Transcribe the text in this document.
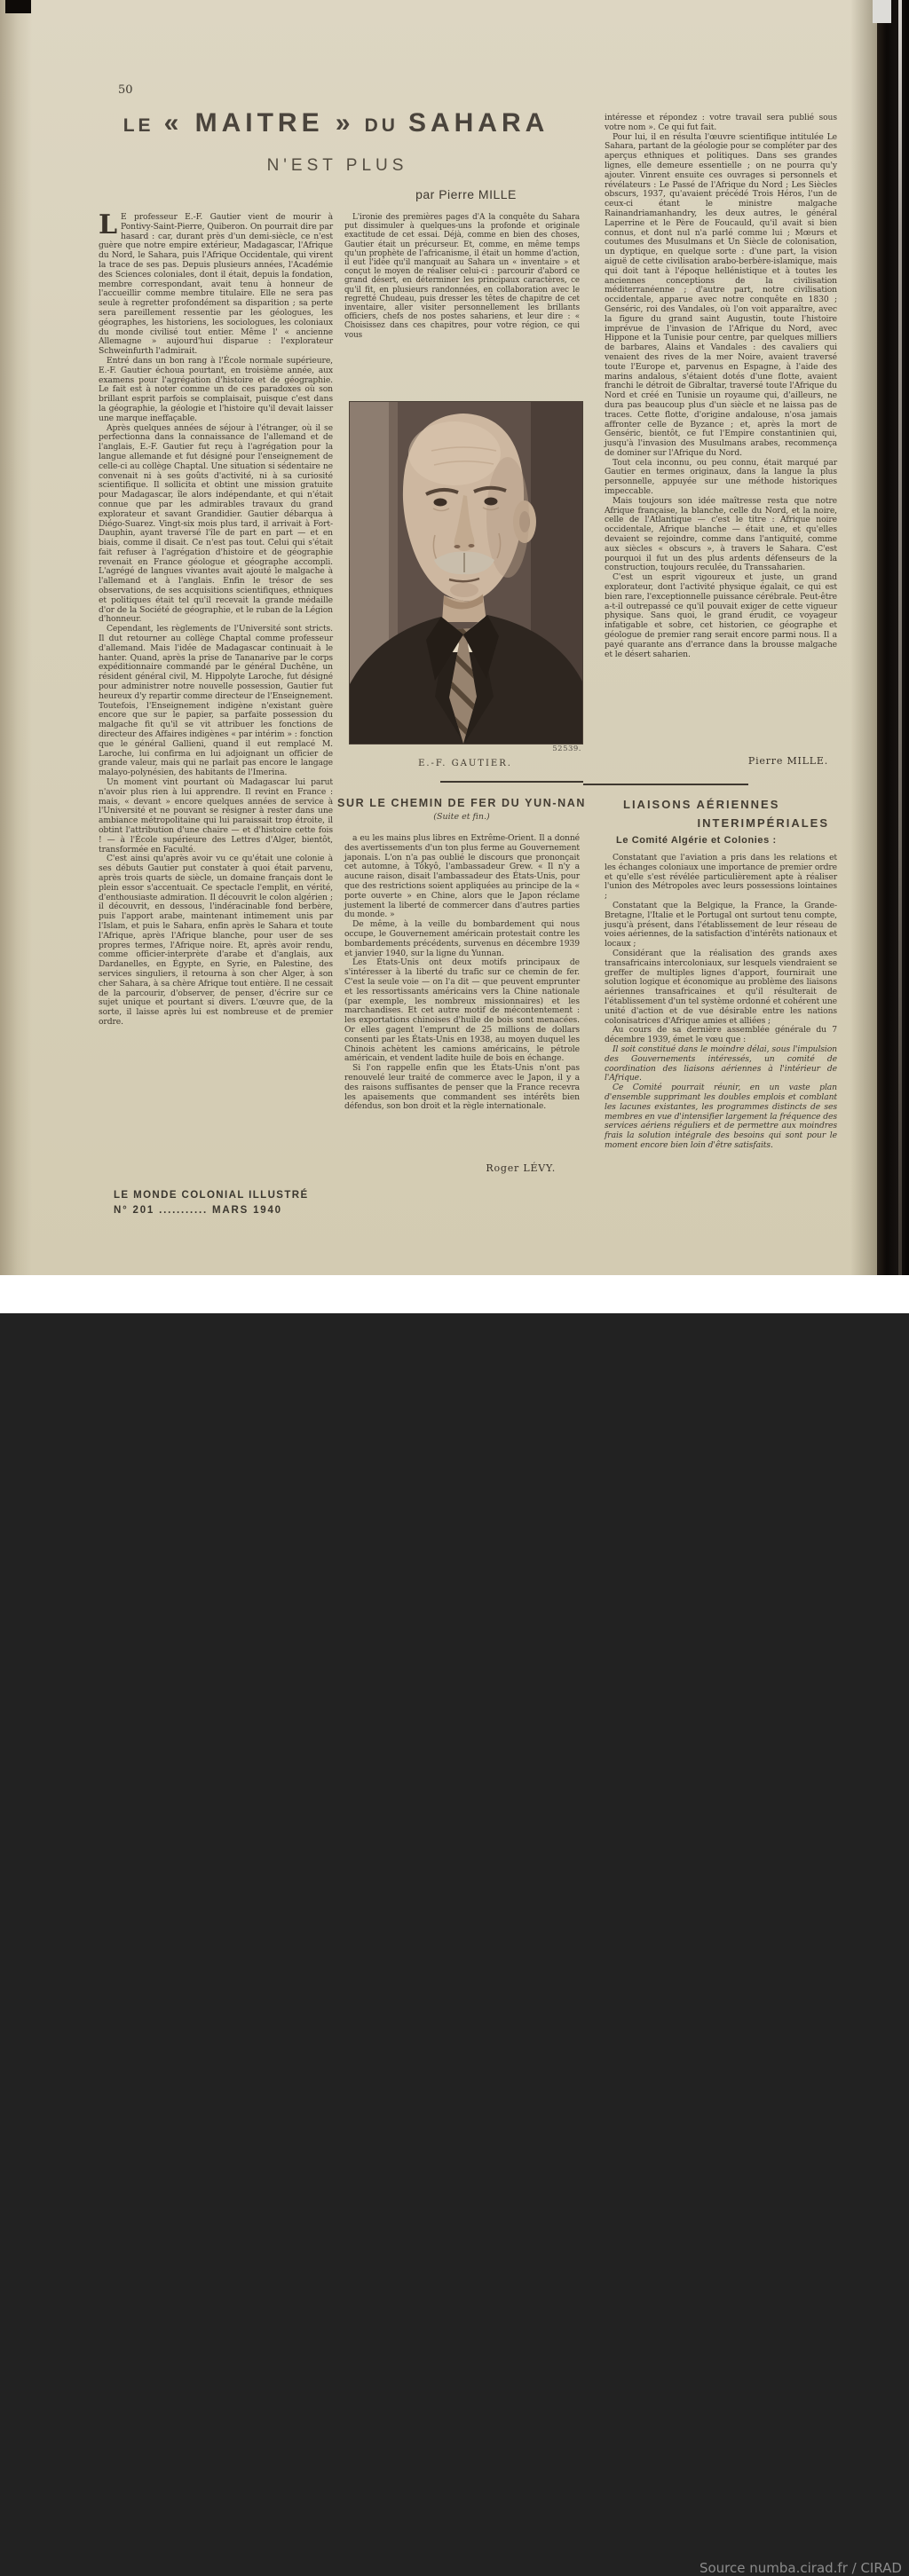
50
LE « MAITRE » DU SAHARA
N'EST PLUS
par Pierre MILLE

L E professeur E.-F. Gautier vient de mourir à Pontivy-Saint-Pierre, Quiberon. On pourrait dire par hasard : car, durant près d'un demi-siècle, ce n'est guère que notre empire extérieur, Madagascar, l'Afrique du Nord, le Sahara, puis l'Afrique Occidentale, qui virent la trace de ses pas. Depuis plusieurs années, l'Académie des Sciences coloniales, dont il était, depuis la fondation, membre correspondant, avait tenu à honneur de l'accueillir comme membre titulaire. Elle ne sera pas seule à regretter profondément sa disparition ; sa perte sera pareillement ressentie par les géologues, les géographes, les historiens, les sociologues, les coloniaux du monde civilisé tout entier. Même l' « ancienne Allemagne » aujourd'hui disparue : l'explorateur Schweinfurth l'admirait.

Entré dans un bon rang à l'École normale supérieure, E.-F. Gautier échoua pourtant, en troisième année, aux examens pour l'agrégation d'histoire et de géographie. Le fait est à noter comme un de ces paradoxes où son brillant esprit parfois se complaisait, puisque c'est dans la géographie, la géologie et l'histoire qu'il devait laisser une marque ineffaçable.

Après quelques années de séjour à l'étranger, où il se perfectionna dans la connaissance de l'allemand et de l'anglais, E.-F. Gautier fut reçu à l'agrégation pour la langue allemande et fut désigné pour l'enseignement de celle-ci au collège Chaptal. Une situation si sédentaire ne convenait ni à ses goûts d'activité, ni à sa curiosité scientifique. Il sollicita et obtint une mission gratuite pour Madagascar, île alors indépendante, et qui n'était connue que par les admirables travaux du grand explorateur et savant Grandidier. Gautier débarqua à Diégo-Suarez. Vingt-six mois plus tard, il arrivait à Fort-Dauphin, ayant traversé l'île de part en part — et en biais, comme il disait. Ce n'est pas tout. Celui qui s'était fait refuser à l'agrégation d'histoire et de géographie revenait en France géologue et géographe accompli. L'agrégé de langues vivantes avait ajouté le malgache à l'allemand et à l'anglais. Enfin le trésor de ses observations, de ses acquisitions scientifiques, ethniques et politiques était tel qu'il recevait la grande médaille d'or de la Société de géographie, et le ruban de la Légion d'honneur.

Cependant, les règlements de l'Université sont stricts. Il dut retourner au collège Chaptal comme professeur d'allemand. Mais l'idée de Madagascar continuait à le hanter. Quand, après la prise de Tananarive par le corps expéditionnaire commandé par le général Duchêne, un résident général civil, M. Hippolyte Laroche, fut désigné pour administrer notre nouvelle possession, Gautier fut heureux d'y repartir comme directeur de l'Enseignement. Toutefois, l'Enseignement indigène n'existant guère encore que sur le papier, sa parfaite possession du malgache fit qu'il se vit attribuer les fonctions de directeur des Affaires indigènes « par intérim » : fonction que le général Gallieni, quand il eut remplacé M. Laroche, lui confirma en lui adjoignant un officier de grande valeur, mais qui ne parlait pas encore le langage malayo-polynésien, des habitants de l'Imerina.

Un moment vint pourtant où Madagascar lui parut n'avoir plus rien à lui apprendre. Il revint en France : mais, « devant » encore quelques années de service à l'Université et ne pouvant se résigner à rester dans une ambiance métropolitaine qui lui paraissait trop étroite, il obtint l'attribution d'une chaire — et d'histoire cette fois ! — à l'École supérieure des Lettres d'Alger, bientôt, transformée en Faculté.

C'est ainsi qu'après avoir vu ce qu'était une colonie à ses débuts Gautier put constater à quoi était parvenu, après trois quarts de siècle, un domaine français dont le plein essor s'accentuait. Ce spectacle l'emplit, en vérité, d'enthousiaste admiration. Il découvrit le colon algérien ; il découvrit, en dessous, l'indéracinable fond berbère, puis l'apport arabe, maintenant intimement unis par l'Islam, et puis le Sahara, enfin après le Sahara et toute l'Afrique, après l'Afrique blanche, pour user de ses propres termes, l'Afrique noire. Et, après avoir rendu, comme officier-interprète d'arabe et d'anglais, aux Dardanelles, en Égypte, en Syrie, en Palestine, des services singuliers, il retourna à son cher Alger, à son cher Sahara, à sa chère Afrique tout entière. Il ne cessait de la parcourir, d'observer, de penser, d'écrire sur ce sujet unique et pourtant si divers. L'œuvre que, de la sorte, il laisse après lui est nombreuse et de premier ordre.

L'ironie des premières pages d'A la conquête du Sahara put dissimuler à quelques-uns la profonde et originale exactitude de cet essai. Déjà, comme en bien des choses, Gautier était un précurseur. Et, comme, en même temps qu'un prophète de l'africanisme, il était un homme d'action, il eut l'idée qu'il manquait au Sahara un « inventaire » et conçut le moyen de réaliser celui-ci : parcourir d'abord ce grand désert, en déterminer les principaux caractères, ce qu'il fit, en plusieurs randonnées, en collaboration avec le regretté Chudeau, puis dresser les têtes de chapitre de cet inventaire, aller visiter personnellement les brillants officiers, chefs de nos postes sahariens, et leur dire : « Choisissez dans ces chapitres, pour votre région, ce qui vous

52539.
E.-F. GAUTIER.
SUR LE CHEMIN DE FER DU YUN-NAN
(Suite et fin.)

a eu les mains plus libres en Extrême-Orient. Il a donné des avertissements d'un ton plus ferme au Gouvernement japonais. L'on n'a pas oublié le discours que prononçait cet automne, à Tôkyô, l'ambassadeur Grew. « Il n'y a aucune raison, disait l'ambassadeur des États-Unis, pour que des restrictions soient appliquées au principe de la « porte ouverte » en Chine, alors que le Japon réclame justement la liberté de commercer dans d'autres parties du monde. »

De même, à la veille du bombardement qui nous occupe, le Gouvernement américain protestait contre les bombardements précédents, survenus en décembre 1939 et janvier 1940, sur la ligne du Yunnan.

Les États-Unis ont deux motifs principaux de s'intéresser à la liberté du trafic sur ce chemin de fer. C'est la seule voie — on l'a dit — que peuvent emprunter et les ressortissants américains vers la Chine nationale (par exemple, les nombreux missionnaires) et les marchandises. Et cet autre motif de mécontentement : les exportations chinoises d'huile de bois sont menacées. Or elles gagent l'emprunt de 25 millions de dollars consenti par les États-Unis en 1938, au moyen duquel les Chinois achètent les camions américains, le pétrole américain, et vendent ladite huile de bois en échange.

Si l'on rappelle enfin que les États-Unis n'ont pas renouvelé leur traité de commerce avec le Japon, il y a des raisons suffisantes de penser que la France recevra les apaisements que commandent ses intérêts bien défendus, son bon droit et la règle internationale.

Roger LÉVY.

intéresse et répondez : votre travail sera publié sous votre nom ». Ce qui fut fait.

Pour lui, il en résulta l'œuvre scientifique intitulée Le Sahara, partant de la géologie pour se compléter par des aperçus ethniques et politiques. Dans ses grandes lignes, elle demeure essentielle ; on ne pourra qu'y ajouter. Vinrent ensuite ces ouvrages si personnels et révélateurs : Le Passé de l'Afrique du Nord ; Les Siècles obscurs, 1937, qu'avaient précédé Trois Héros, l'un de ceux-ci étant le ministre malgache Rainandriamanhandry, les deux autres, le général Laperrine et le Père de Foucauld, qu'il avait si bien connus, et dont nul n'a parlé comme lui ; Mœurs et coutumes des Musulmans et Un Siècle de colonisation, un dyptique, en quelque sorte : d'une part, la vision aiguë de cette civilisation arabo-berbère-islamique, mais qui doit tant à l'époque hellénistique et à toutes les anciennes conceptions de la civilisation méditerranéenne ; d'autre part, notre civilisation occidentale, apparue avec notre conquête en 1830 ; Genséric, roi des Vandales, où l'on voit apparaître, avec la figure du grand saint Augustin, toute l'histoire imprévue de l'invasion de l'Afrique du Nord, avec Hippone et la Tunisie pour centre, par quelques milliers de barbares, Alains et Vandales : des cavaliers qui venaient des rives de la mer Noire, avaient traversé toute l'Europe et, parvenus en Espagne, à l'aide des marins andalous, s'étaient dotés d'une flotte, avaient franchi le détroit de Gibraltar, traversé toute l'Afrique du Nord et créé en Tunisie un royaume qui, d'ailleurs, ne dura pas beaucoup plus d'un siècle et ne laissa pas de traces. Cette flotte, d'origine andalouse, n'osa jamais affronter celle de Byzance ; et, après la mort de Genséric, bientôt, ce fut l'Empire constantinien qui, jusqu'à l'invasion des Musulmans arabes, recommença de dominer sur l'Afrique du Nord.

Tout cela inconnu, ou peu connu, était marqué par Gautier en termes originaux, dans la langue la plus personnelle, appuyée sur une méthode historiques impeccable.

Mais toujours son idée maîtresse resta que notre Afrique française, la blanche, celle du Nord, et la noire, celle de l'Atlantique — c'est le titre : Afrique noire occidentale, Afrique blanche — était une, et qu'elles devaient se rejoindre, comme dans l'antiquité, comme aux siècles « obscurs », à travers le Sahara. C'est pourquoi il fut un des plus ardents défenseurs de la construction, toujours reculée, du Transsaharien.

C'est un esprit vigoureux et juste, un grand explorateur, dont l'activité physique égalait, ce qui est bien rare, l'exceptionnelle puissance cérébrale. Peut-être a-t-il outrepassé ce qu'il pouvait exiger de cette vigueur physique. Sans quoi, le grand érudit, ce voyageur infatigable et sobre, cet historien, ce géographe et géologue de premier rang serait encore parmi nous. Il a payé quarante ans d'errance dans la brousse malgache et le désert saharien.

Pierre MILLE.
LIAISONS AÉRIENNES
INTERIMPÉRIALES
Le Comité Algérie et Colonies :

Constatant que l'aviation a pris dans les relations et les échanges coloniaux une importance de premier ordre et qu'elle s'est révélée particulièrement apte à réaliser l'union des Métropoles avec leurs possessions lointaines ;

Constatant que la Belgique, la France, la Grande-Bretagne, l'Italie et le Portugal ont surtout tenu compte, jusqu'à présent, dans l'établissement de leur réseau de voies aériennes, de la satisfaction d'intérêts nationaux et locaux ;

Considérant que la réalisation des grands axes transafricains intercoloniaux, sur lesquels viendraient se greffer de multiples lignes d'apport, fournirait une solution logique et économique au problème des liaisons aériennes transafricaines et qu'il résulterait de l'établissement d'un tel système ordonné et cohérent une unité d'action et de vue désirable entre les nations colonisatrices d'Afrique amies et alliées ;

Au cours de sa dernière assemblée générale du 7 décembre 1939, émet le vœu que :

Il soit constitué dans le moindre délai, sous l'impulsion des Gouvernements intéressés, un comité de coordination des liaisons aériennes à l'intérieur de l'Afrique.

Ce Comité pourrait réunir, en un vaste plan d'ensemble supprimant les doubles emplois et comblant les lacunes existantes, les programmes distincts de ses membres en vue d'intensifier largement la fréquence des services aériens réguliers et de permettre aux moindres frais la solution intégrale des besoins qui sont pour le moment encore bien loin d'être satisfaits.

LE MONDE COLONIAL ILLUSTRÉ
N° 201 ........... MARS 1940
Source numba.cirad.fr / CIRAD
